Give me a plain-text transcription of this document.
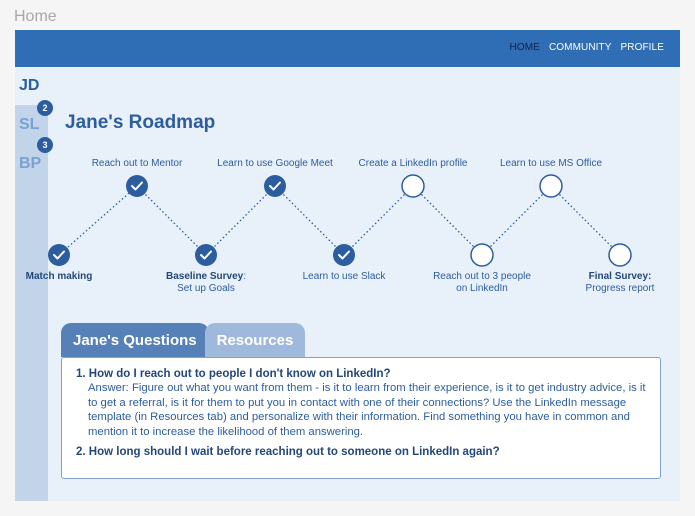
Home
HOME COMMUNITY PROFILE
JD
SL
2
BP
3
Jane's Roadmap
Match making
Reach out to Mentor
Baseline Survey:
Set up Goals
Learn to use Google Meet
Learn to use Slack
Create a LinkedIn profile
Reach out to 3 people
on LinkedIn
Learn to use MS Office
Final Survey:
Progress report
Jane's Questions	Resources
1. How do I reach out to people I don't know on LinkedIn?
Answer: Figure out what you want from them - is it to learn from their experience, is it to get industry advice, is it to get a referral, is it for them to put you in contact with one of their connections? Use the LinkedIn message template (in Resources tab) and personalize with their information. Find something you have in common and mention it to increase the likelihood of them answering.
2. How long should I wait before reaching out to someone on LinkedIn again?
